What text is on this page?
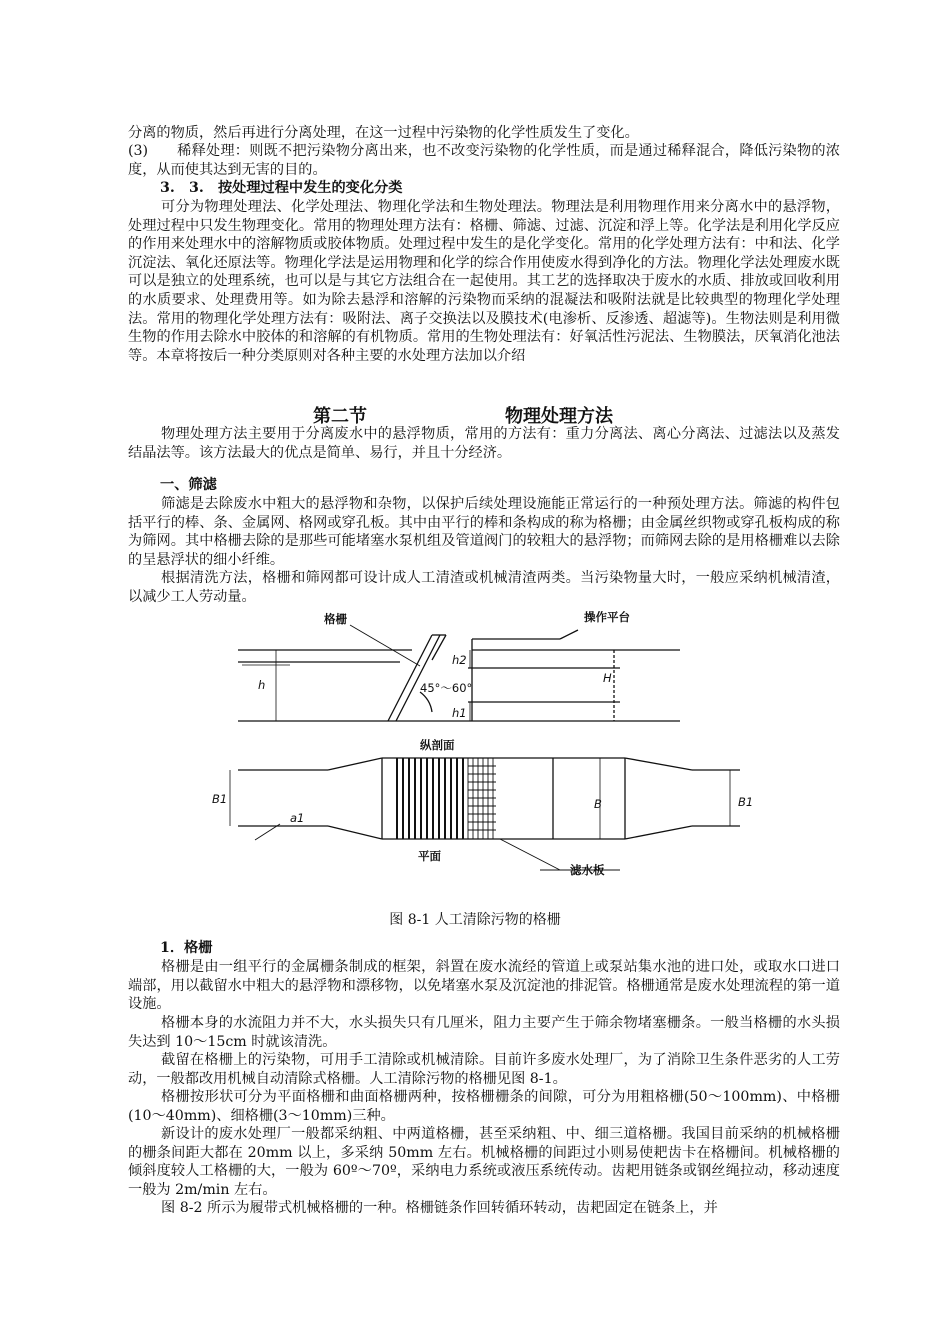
分离的物质，然后再进行分离处理，在这一过程中污染物的化学性质发生了变化。

(3)　　稀释处理：则既不把污染物分离出来，也不改变污染物的化学性质，而是通过稀释混合，降低污染物的浓度，从而使其达到无害的目的。

3.　3.　按处理过程中发生的变化分类

可分为物理处理法、化学处理法、物理化学法和生物处理法。物理法是利用物理作用来分离水中的悬浮物，处理过程中只发生物理变化。常用的物理处理方法有：格栅、筛滤、过滤、沉淀和浮上等。化学法是利用化学反应的作用来处理水中的溶解物质或胶体物质。处理过程中发生的是化学变化。常用的化学处理方法有：中和法、化学沉淀法、氧化还原法等。物理化学法是运用物理和化学的综合作用使废水得到净化的方法。物理化学法处理废水既可以是独立的处理系统，也可以是与其它方法组合在一起使用。其工艺的选择取决于废水的水质、排放或回收利用的水质要求、处理费用等。如为除去悬浮和溶解的污染物而采纳的混凝法和吸附法就是比较典型的物理化学处理法。常用的物理化学处理方法有：吸附法、离子交换法以及膜技术(电渗析、反渗透、超滤等)。生物法则是利用微生物的作用去除水中胶体的和溶解的有机物质。常用的生物处理法有：好氧活性污泥法、生物膜法，厌氧消化池法等。本章将按后一种分类原则对各种主要的水处理方法加以介绍

第二节	物理处理方法

物理处理方法主要用于分离废水中的悬浮物质，常用的方法有：重力分离法、离心分离法、过滤法以及蒸发结晶法等。该方法最大的优点是简单、易行，并且十分经济。

一、筛滤

筛滤是去除废水中粗大的悬浮物和杂物，以保护后续处理设施能正常运行的一种预处理方法。筛滤的构件包括平行的棒、条、金属网、格网或穿孔板。其中由平行的棒和条构成的称为格栅；由金属丝织物或穿孔板构成的称为筛网。其中格栅去除的是那些可能堵塞水泵机组及管道阀门的较粗大的悬浮物；而筛网去除的是用格栅难以去除的呈悬浮状的细小纤维。

根据清洗方法，格栅和筛网都可设计成人工清渣或机械清渣两类。当污染物量大时，一般应采纳机械清渣，以减少工人劳动量。

格栅	操作平台
h2
h	H
45°～60°
h1
纵剖面
B1	B	B1
a1
平面
滤水板
图 8-1 人工清除污物的格栅

1．格栅

格栅是由一组平行的金属栅条制成的框架，斜置在废水流经的管道上或泵站集水池的进口处，或取水口进口端部，用以截留水中粗大的悬浮物和漂移物，以免堵塞水泵及沉淀池的排泥管。格栅通常是废水处理流程的第一道设施。

格栅本身的水流阻力并不大，水头损失只有几厘米，阻力主要产生于筛余物堵塞栅条。一般当格栅的水头损失达到 10～15cm 时就该清洗。

截留在格栅上的污染物，可用手工清除或机械清除。目前许多废水处理厂，为了消除卫生条件恶劣的人工劳动，一般都改用机械自动清除式格栅。人工清除污物的格栅见图 8-1。

格栅按形状可分为平面格栅和曲面格栅两种，按格栅栅条的间隙，可分为用粗格栅(50～100mm)、中格栅(10～40mm)、细格栅(3～10mm)三种。

新设计的废水处理厂一般都采纳粗、中两道格栅，甚至采纳粗、中、细三道格栅。我国目前采纳的机械格栅的栅条间距大都在 20mm 以上，多采纳 50mm 左右。机械格栅的间距过小则易使耙齿卡在格栅间。机械格栅的倾斜度较人工格栅的大，一般为 60º～70º，采纳电力系统或液压系统传动。齿耙用链条或钢丝绳拉动，移动速度一般为 2m/min 左右。

图 8-2 所示为履带式机械格栅的一种。格栅链条作回转循环转动，齿耙固定在链条上，并
